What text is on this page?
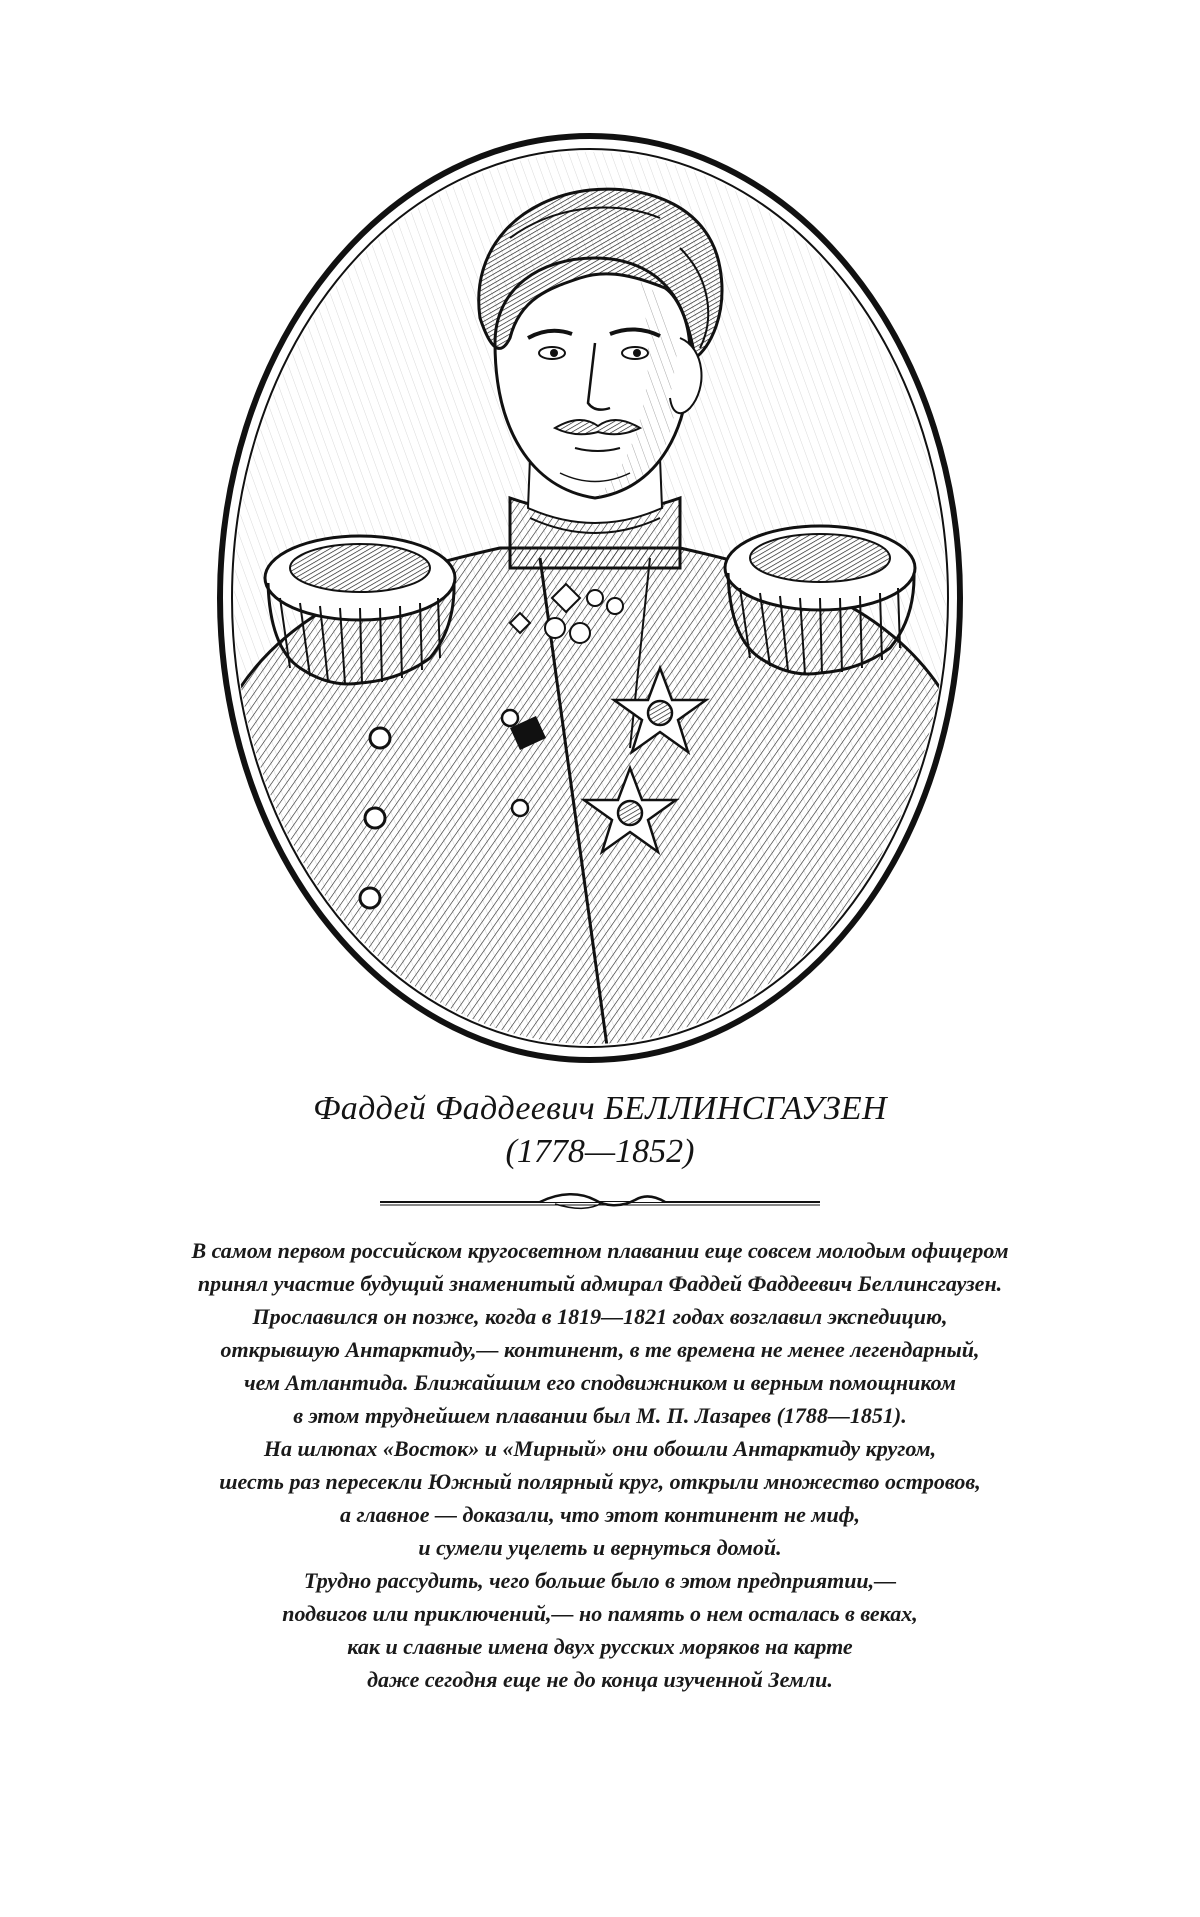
Фаддей Фаддеевич БЕЛЛИНСГАУЗЕН
(1778—1852)
В самом первом российском кругосветном плавании еще совсем молодым офицером
принял участие будущий знаменитый адмирал Фаддей Фаддеевич Беллинсгаузен.
Прославился он позже, когда в 1819—1821 годах возглавил экспедицию,
открывшую Антарктиду,— континент, в те времена не менее легендарный,
чем Атлантида. Ближайшим его сподвижником и верным помощником
в этом труднейшем плавании был М. П. Лазарев (1788—1851).
На шлюпах «Восток» и «Мирный» они обошли Антарктиду кругом,
шесть раз пересекли Южный полярный круг, открыли множество островов,
а главное — доказали, что этот континент не миф,
и сумели уцелеть и вернуться домой.
Трудно рассудить, чего больше было в этом предприятии,—
подвигов или приключений,— но память о нем осталась в веках,
как и славные имена двух русских моряков на карте
даже сегодня еще не до конца изученной Земли.
